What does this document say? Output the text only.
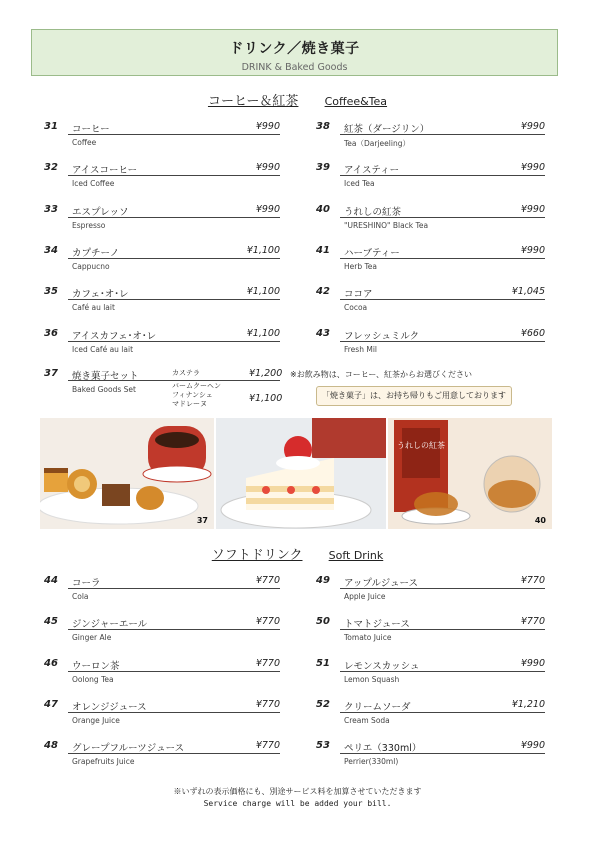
ドリンク／焼き菓子
DRINK & Baked Goods
コーヒー＆紅茶 Coffee&Tea
31 コーヒー	¥990
Coffee
32 アイスコーヒー	¥990
Iced Coffee
33 エスプレッソ	¥990
Espresso
34 カプチーノ	¥1,100
Cappucno
35 カフェ･オ･レ	¥1,100
Café au lait
36 アイスカフェ･オ･レ	¥1,100
Iced Café au lait
38 紅茶（ダージリン）	¥990
Tea（Darjeeling）
39 アイスティー	¥990
Iced Tea
40 うれしの紅茶	¥990
"URESHINO" Black Tea
41 ハーブティー	¥990
Herb Tea
42 ココア	¥1,045
Cocoa
43 フレッシュミルク	¥660
Fresh Mil
37 焼き菓子セット
Baked Goods Set
カステラ	¥1,200
バームクーヘン
フィナンシェ
マドレーヌ	¥1,100
※お飲み物は、コーヒー、紅茶からお選びください
「焼き菓子」は、お持ち帰りもご用意しております
37
うれしの紅茶
40
ソフトドリンク Soft Drink
44 コーラ	¥770
Cola
45 ジンジャーエール	¥770
Ginger Ale
46 ウーロン茶	¥770
Oolong Tea
47 オレンジジュース	¥770
Orange Juice
48 グレープフルーツジュース	¥770
Grapefruits Juice
49 アップルジュース	¥770
Apple Juice
50 トマトジュース	¥770
Tomato Juice
51 レモンスカッシュ	¥990
Lemon Squash
52 クリームソーダ	¥1,210
Cream Soda
53 ペリエ（330ml）	¥990
Perrier(330ml)
※いずれの表示価格にも、別途サービス料を加算させていただきます
Service charge will be added your bill.
